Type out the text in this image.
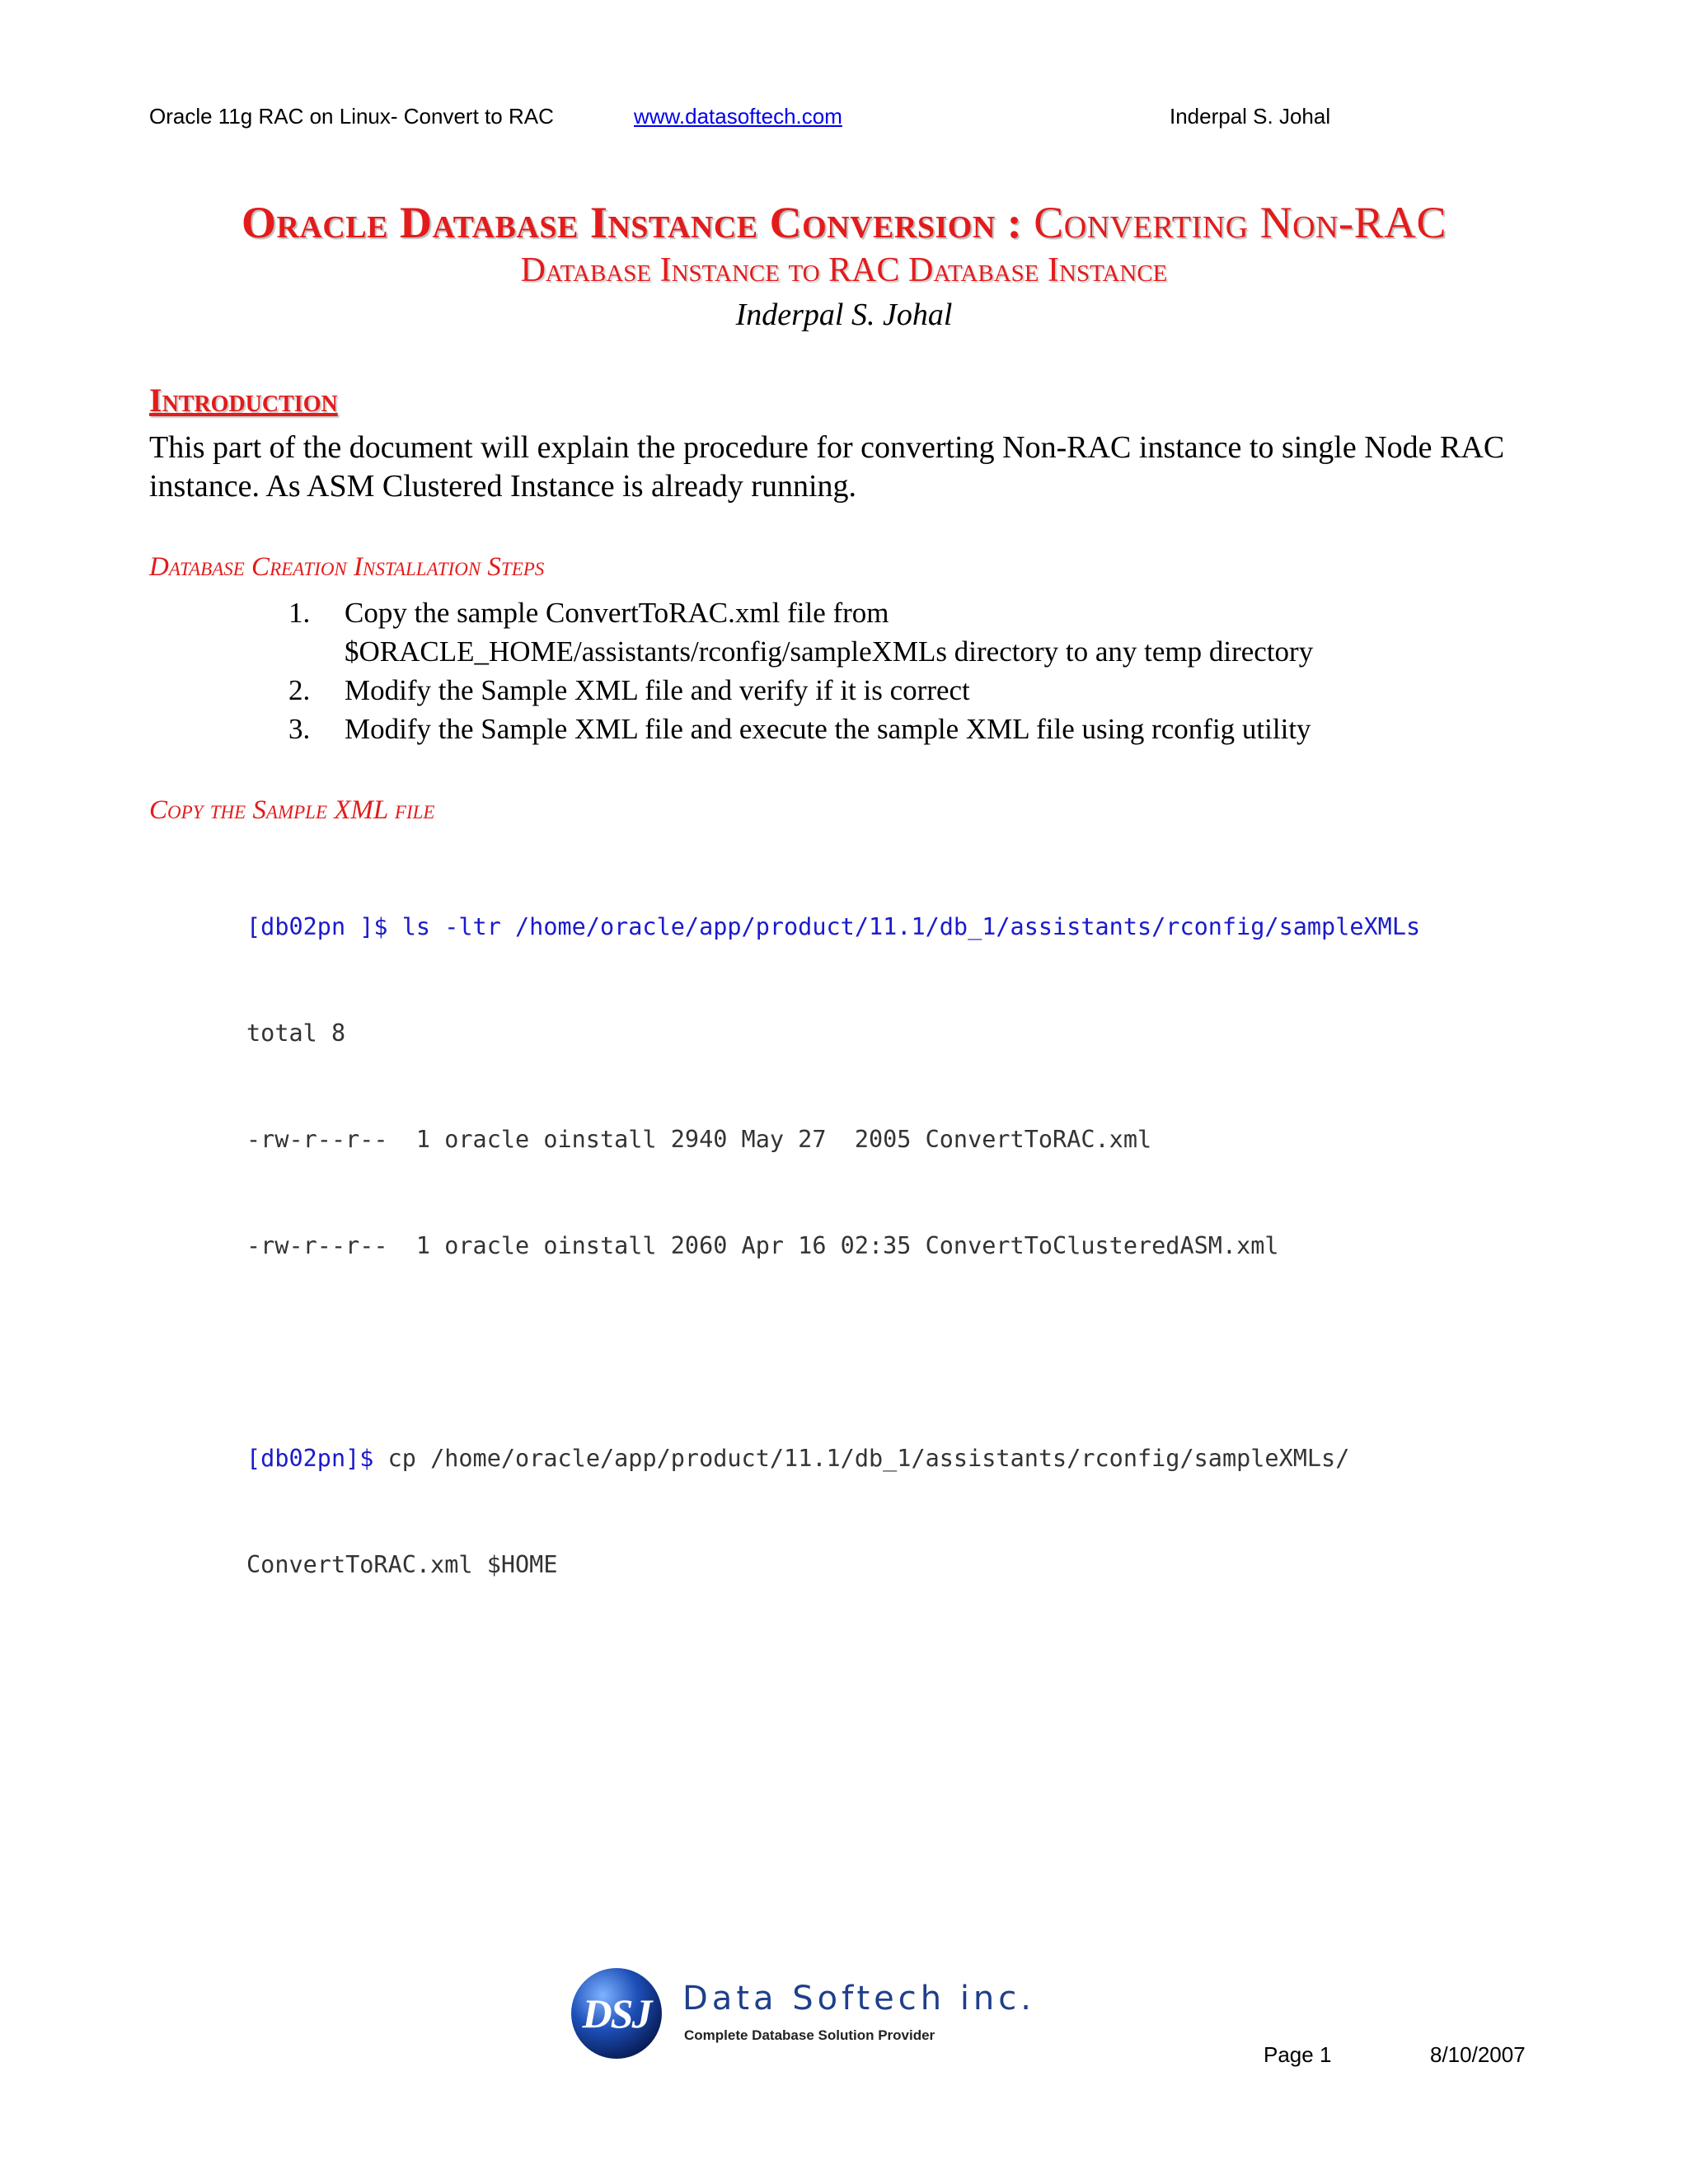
Oracle 11g RAC on Linux- Convert to RAC	www.datasoftech.com	Inderpal S. Johal
Oracle Database Instance Conversion : Converting Non-RAC
Database Instance to RAC Database Instance
Inderpal S. Johal
Introduction
This part of the document will explain the procedure for converting Non-RAC instance to single Node RAC instance. As ASM Clustered Instance is already running.
Database Creation Installation Steps
1. Copy the sample ConvertToRAC.xml file from
$ORACLE_HOME/assistants/rconfig/sampleXMLs directory to any temp directory
2. Modify the Sample XML file and verify if it is correct
3. Modify the Sample XML file and execute the sample XML file using rconfig utility
Copy the Sample XML file

[db02pn ]$ ls -ltr /home/oracle/app/product/11.1/db_1/assistants/rconfig/sampleXMLs

total 8

-rw-r--r--  1 oracle oinstall 2940 May 27  2005 ConvertToRAC.xml

-rw-r--r--  1 oracle oinstall 2060 Apr 16 02:35 ConvertToClusteredASM.xml

[db02pn]$ cp /home/oracle/app/product/11.1/db_1/assistants/rconfig/sampleXMLs/

ConvertToRAC.xml $HOME

DSJ Data Softech inc.
Complete Database Solution Provider
Page 1	8/10/2007
